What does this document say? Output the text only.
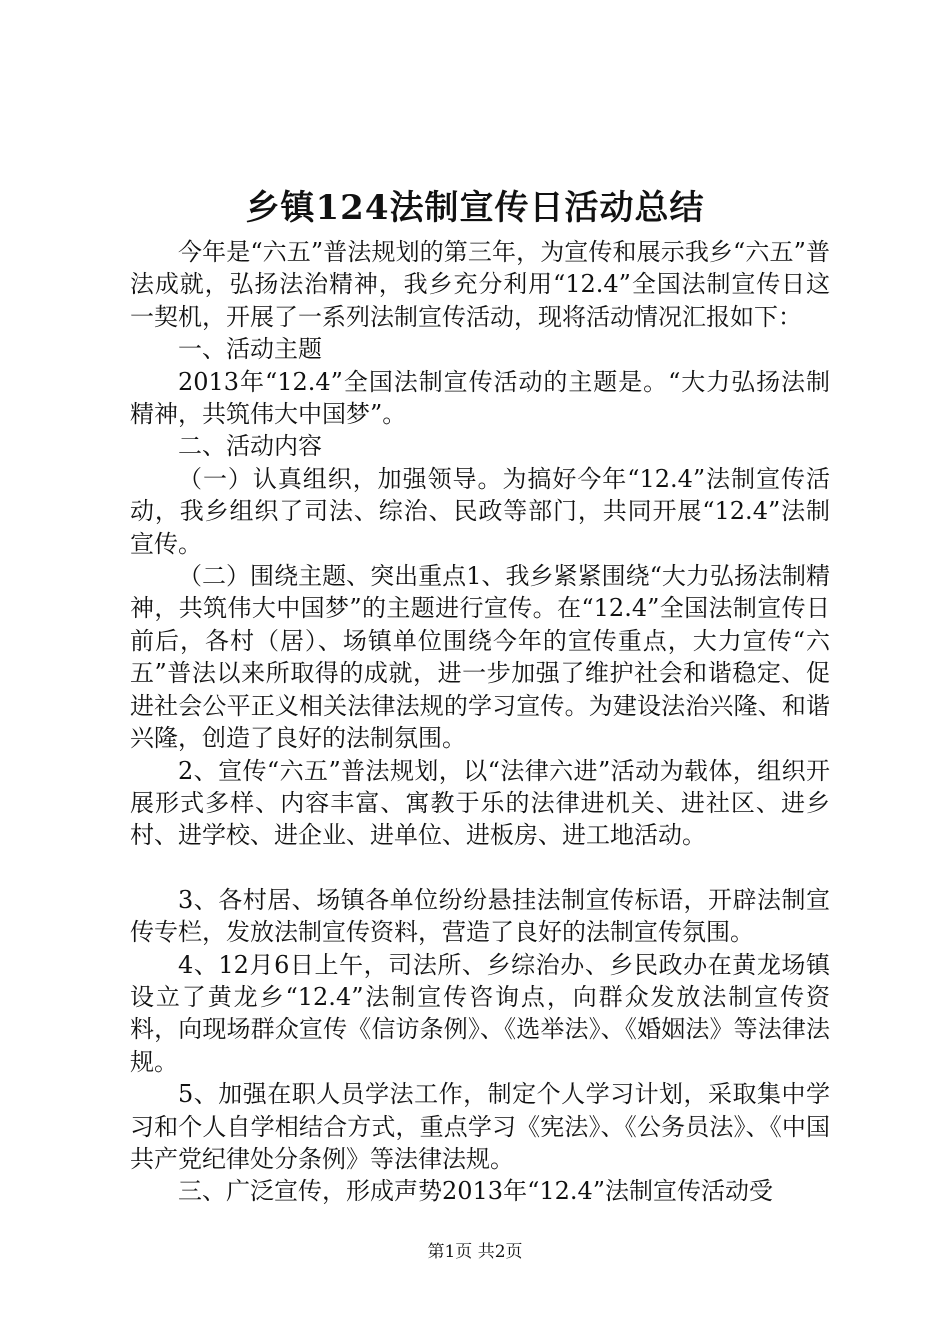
乡镇124法制宣传日活动总结

今年是“六五”普法规划的第三年，为宣传和展示我乡“六五”普法成就，弘扬法治精神，我乡充分利用“12.4”全国法制宣传日这一契机，开展了一系列法制宣传活动，现将活动情况汇报如下：

一、活动主题

2013年“12.4”全国法制宣传活动的主题是。“大力弘扬法制精神，共筑伟大中国梦”。

二、活动内容

（一）认真组织，加强领导。为搞好今年“12.4”法制宣传活动，我乡组织了司法、综治、民政等部门，共同开展“12.4”法制宣传。

（二）围绕主题、突出重点1、我乡紧紧围绕“大力弘扬法制精神，共筑伟大中国梦”的主题进行宣传。在“12.4”全国法制宣传日前后，各村（居）、场镇单位围绕今年的宣传重点，大力宣传“六五”普法以来所取得的成就，进一步加强了维护社会和谐稳定、促进社会公平正义相关法律法规的学习宣传。为建设法治兴隆、和谐兴隆，创造了良好的法制氛围。

2、宣传“六五”普法规划，以“法律六进”活动为载体，组织开展形式多样、内容丰富、寓教于乐的法律进机关、进社区、进乡村、进学校、进企业、进单位、进板房、进工地活动。

3、各村居、场镇各单位纷纷悬挂法制宣传标语，开辟法制宣传专栏，发放法制宣传资料，营造了良好的法制宣传氛围。

4、12月6日上午，司法所、乡综治办、乡民政办在黄龙场镇设立了黄龙乡“12.4”法制宣传咨询点，向群众发放法制宣传资料，向现场群众宣传《信访条例》、《选举法》、《婚姻法》等法律法规。

5、加强在职人员学法工作，制定个人学习计划，采取集中学习和个人自学相结合方式，重点学习《宪法》、《公务员法》、《中国共产党纪律处分条例》等法律法规。

三、广泛宣传，形成声势2013年“12.4”法制宣传活动受

第1页 共2页
